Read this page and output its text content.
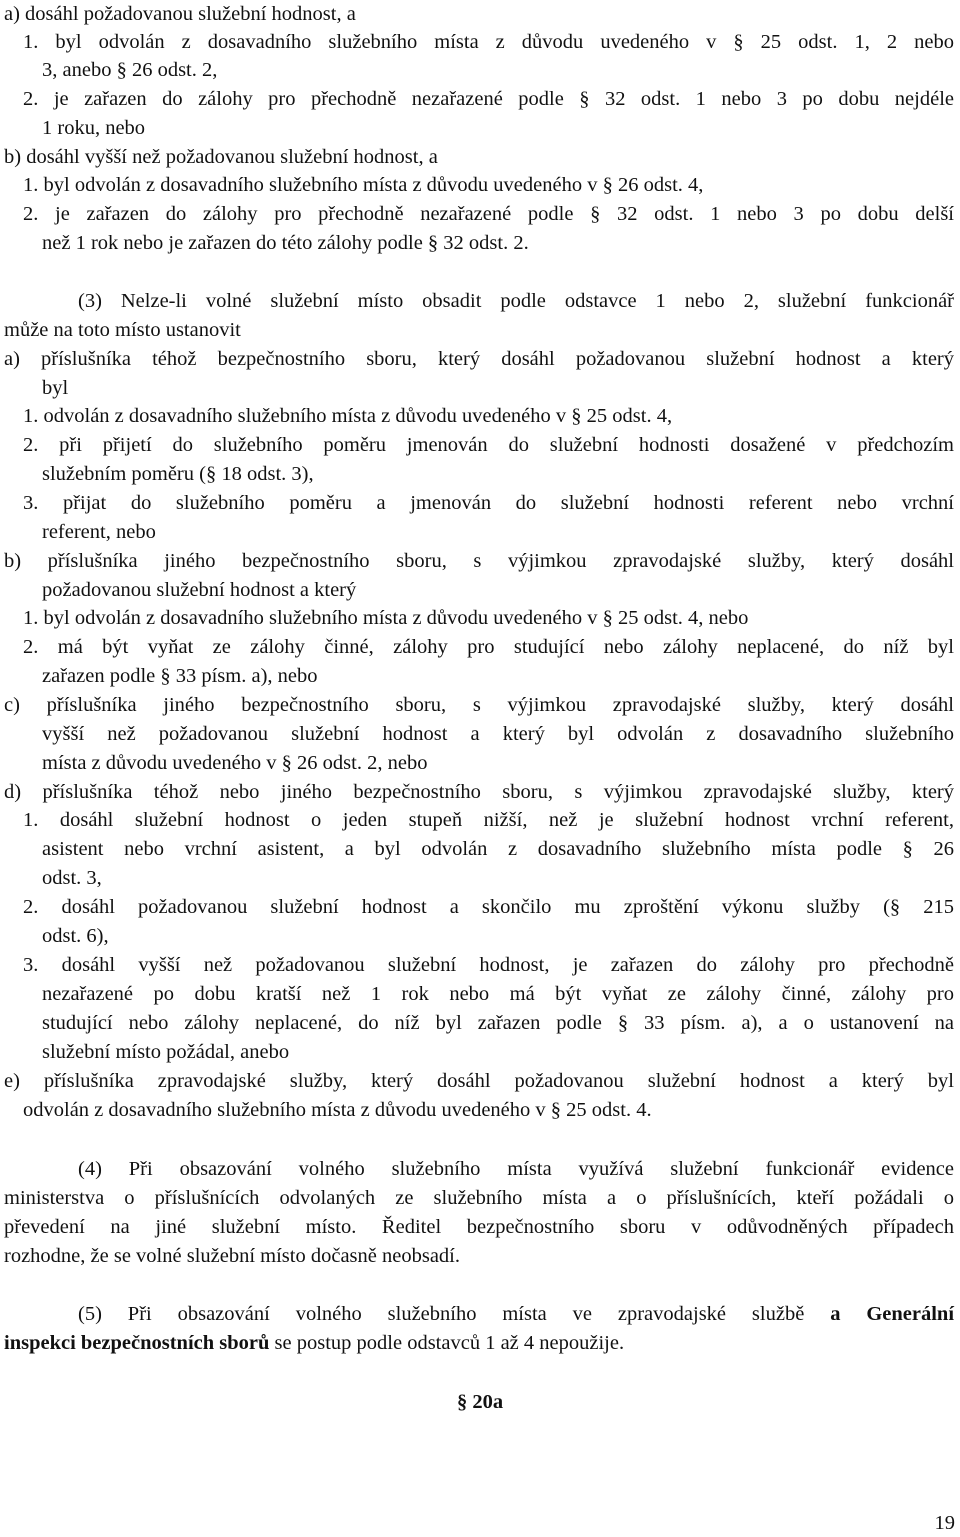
a) dosáhl požadovanou služební hodnost, a
1. byl odvolán z dosavadního služebního místa z důvodu uvedeného v § 25 odst. 1, 2 nebo
3, anebo § 26 odst. 2,
2. je zařazen do zálohy pro přechodně nezařazené podle § 32 odst. 1 nebo 3 po dobu nejdéle
1 roku, nebo
b) dosáhl vyšší než požadovanou služební hodnost, a
1. byl odvolán z dosavadního služebního místa z důvodu uvedeného v § 26 odst. 4,
2. je zařazen do zálohy pro přechodně nezařazené podle § 32 odst. 1 nebo 3 po dobu delší
než 1 rok nebo je zařazen do této zálohy podle § 32 odst. 2.
(3) Nelze-li volné služební místo obsadit podle odstavce 1 nebo 2, služební funkcionář
může na toto místo ustanovit
a) příslušníka téhož bezpečnostního sboru, který dosáhl požadovanou služební hodnost a který
byl
1. odvolán z dosavadního služebního místa z důvodu uvedeného v § 25 odst. 4,
2. při přijetí do služebního poměru jmenován do služební hodnosti dosažené v předchozím
služebním poměru (§ 18 odst. 3),
3. přijat do služebního poměru a jmenován do služební hodnosti referent nebo vrchní
referent, nebo
b) příslušníka jiného bezpečnostního sboru, s výjimkou zpravodajské služby, který dosáhl
požadovanou služební hodnost a který
1. byl odvolán z dosavadního služebního místa z důvodu uvedeného v § 25 odst. 4, nebo
2. má být vyňat ze zálohy činné, zálohy pro studující nebo zálohy neplacené, do níž byl
zařazen podle § 33 písm. a), nebo
c) příslušníka jiného bezpečnostního sboru, s výjimkou zpravodajské služby, který dosáhl
vyšší než požadovanou služební hodnost a který byl odvolán z dosavadního služebního
místa z důvodu uvedeného v § 26 odst. 2, nebo
d) příslušníka téhož nebo jiného bezpečnostního sboru, s výjimkou zpravodajské služby, který
1. dosáhl služební hodnost o jeden stupeň nižší, než je služební hodnost vrchní referent,
asistent nebo vrchní asistent, a byl odvolán z dosavadního služebního místa podle § 26
odst. 3,
2. dosáhl požadovanou služební hodnost a skončilo mu zproštění výkonu služby (§ 215
odst. 6),
3. dosáhl vyšší než požadovanou služební hodnost, je zařazen do zálohy pro přechodně
nezařazené po dobu kratší než 1 rok nebo má být vyňat ze zálohy činné, zálohy pro
studující nebo zálohy neplacené, do níž byl zařazen podle § 33 písm. a), a o ustanovení na
služební místo požádal, anebo
e) příslušníka zpravodajské služby, který dosáhl požadovanou služební hodnost a který byl
odvolán z dosavadního služebního místa z důvodu uvedeného v § 25 odst. 4.
(4) Při obsazování volného služebního místa využívá služební funkcionář evidence
ministerstva o příslušnících odvolaných ze služebního místa a o příslušnících, kteří požádali o
převedení na jiné služební místo. Ředitel bezpečnostního sboru v odůvodněných případech
rozhodne, že se volné služební místo dočasně neobsadí.
(5) Při obsazování volného služebního místa ve zpravodajské službě a Generální
inspekci bezpečnostních sborů se postup podle odstavců 1 až 4 nepoužije.
§ 20a
19
